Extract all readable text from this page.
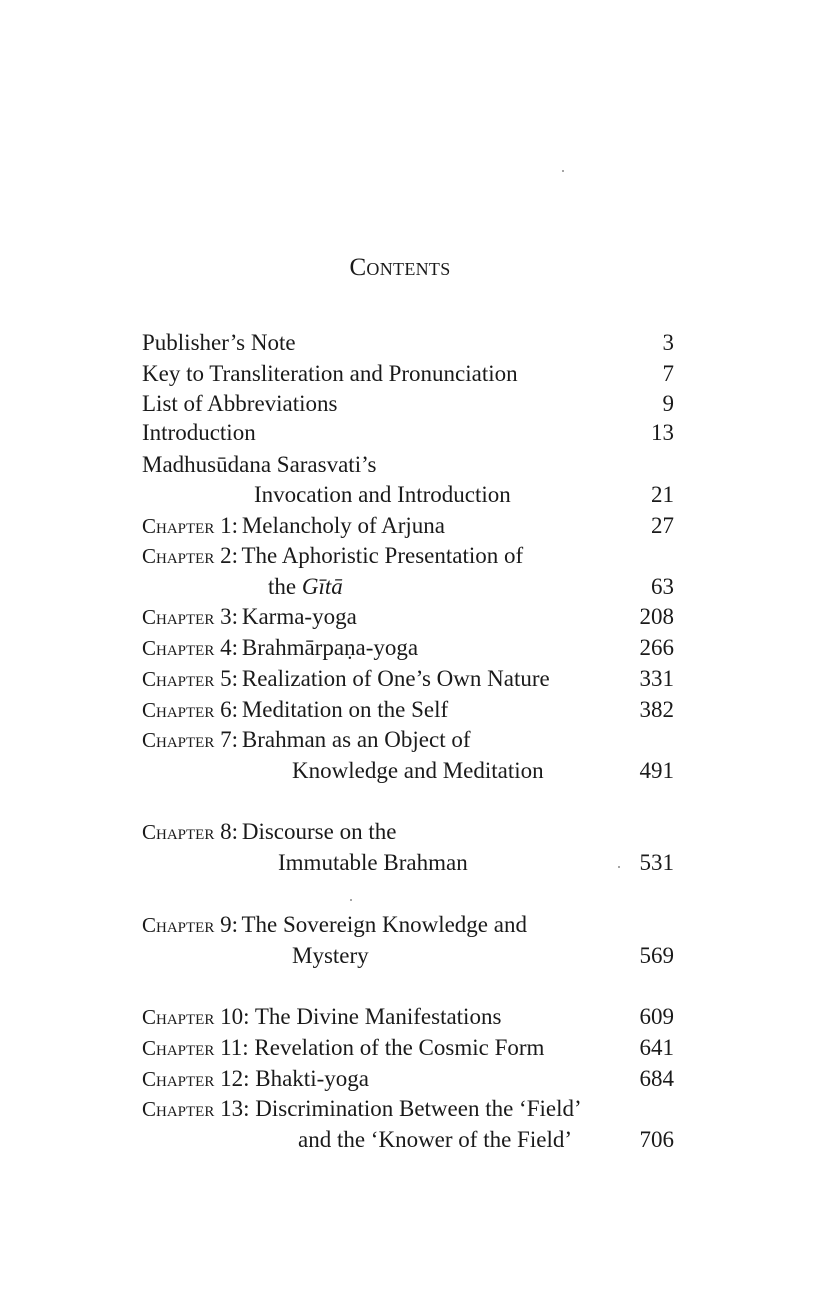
Contents
Publisher’s Note	3
Key to Transliteration and Pronunciation	7
List of Abbreviations	9
Introduction	13
Madhusūdana Sarasvati’s
Invocation and Introduction	21
Chapter 1: Melancholy of Arjuna	27
Chapter 2: The Aphoristic Presentation of
the Gītā	63
Chapter 3: Karma-yoga	208
Chapter 4: Brahmārpaṇa-yoga	266
Chapter 5: Realization of One’s Own Nature	331
Chapter 6: Meditation on the Self	382
Chapter 7: Brahman as an Object of
Knowledge and Meditation	491
Chapter 8: Discourse on the
Immutable Brahman	531
Chapter 9: The Sovereign Knowledge and
Mystery	569
Chapter 10: The Divine Manifestations	609
Chapter 11: Revelation of the Cosmic Form	641
Chapter 12: Bhakti-yoga	684
Chapter 13: Discrimination Between the ‘Field’
and the ‘Knower of the Field’	706
